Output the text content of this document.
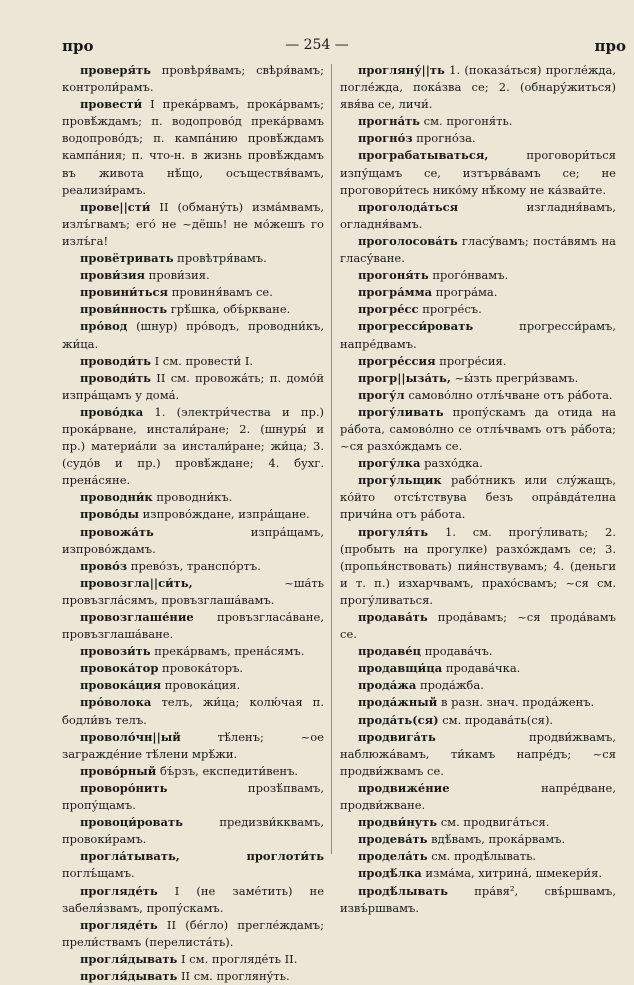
— 254 —
про	про

проверя́ть провѣря́вамъ; свѣря́вамъ; контроли́рамъ.

провести́ I прека́рвамъ, прока́рвамъ; провѣ́ждамъ; п. водопрово́д прека́рвамъ водопрово́дъ; п. кампа́нию провѣ́ждамъ кампа́ния; п. что-н. в жизнь провѣ́ждамъ въ живота нѣ́що, осъществя́вамъ, реализи́рамъ.

прове||сти́ II (обману́ть) изма́мвамъ, излъ́гвамъ; его́ не ~дёшь! не мо́жешъ го излъ́га!

провётривать провѣтря́вамъ.

прови́зия прови́зия.

провини́ться провиня́вамъ се.

прови́нность грѣ́шка, объ́ркване.

про́вод (шнур) про́водъ, проводни́къ, жи́ца.

проводи́ть I см. провести́ I.

проводи́ть II см. провожа́ть; п. домо́й изпра́щамъ у дома́.

прово́дка 1. (электри́чества и пр.) прока́рване, инстали́ране; 2. (шнуры́ и пр.) материа́ли за инстали́ране; жи́ца; 3. (судо́в и пр.) провѣ́ждане; 4. бухг. прена́сяне.

проводни́к проводни́къ.

прово́ды изпрово́ждане, изпра́щане.

провожа́ть	изпра́щамъ, изпрово́ждамъ.

прово́з прево́зъ, транспо́ртъ.

провозгла||си́ть,	~ша́ть провъзгла́сямъ, провъзглаша́вамъ.

провозглаше́ние провъзгласа́ване, провъзглаша́ване.

провози́ть прека́рвамъ, прена́сямъ.

провока́тор провока́торъ.

провока́ция провока́ция.

про́волока телъ, жи́ца; колю́чая п. бодли́въ телъ.

проволо́чн||ый	тѣ́ленъ; ~ое загражде́ние тѣ́лени мрѣ́жи.

прово́рный бъ́рзъ, експедити́венъ.

проворо́нить	прозѣ́пвамъ, пропу́щамъ.

провоци́ровать	предизви́кквамъ, провоки́рамъ.

прогла́тывать, проглоти́ть поглъ́щамъ.

прогляде́ть I (не заме́тить) не забеля́звамъ, пропу́скамъ.

прогляде́ть II (бе́гло) прегле́ждамъ; прели́ствамъ (перелиста́ть).

прогля́дывать I см. прогляде́ть II.

прогля́дывать II см. прогляну́ть.

прогляну́||ть 1. (показа́ться) прогле́жда, погле́жда, пока́зва се; 2. (обнару́житься) явя́ва се, личи́.

прогна́ть см. прогоня́ть.

прогно́з прогно́за.

програбатываться,	проговори́ться изпу́щамъ се, изтърва́вамъ се; не проговори́тесь нико́му нѣ́кому не ка́звайте.

проголода́ться	изгладня́вамъ, огладня́вамъ.

проголосова́ть гласу́вамъ; поста́вямъ на гласу́ване.

прогоня́ть прого́нвамъ.

програ́мма програ́ма.

прогре́сс прогре́съ.

прогресси́ровать	прогресси́рамъ, напре́двамъ.

прогре́ссия прогре́сия.

прогр||ыза́ть, ~ы́зть прегри́звамъ.

прогу́л самово́лно отлъ́чване отъ ра́бота.

прогу́ливать пропу́скамъ да отида на ра́бота, самово́лно се отлъ́чвамъ отъ ра́бота; ~ся разхо́ждамъ се.

прогу́лка разхо́дка.

прогу́льщик рабо́тникъ или слу́жащъ, ко́йто отсъ́тствува безъ опра́вда́телна причи́на отъ ра́бота.

прогуля́ть 1. см. прогу́ливать; 2. (пробыть на прогулке) разхо́ждамъ се; 3. (пропья́нствовать) пия́нствувамъ; 4. (деньги и т. п.) изхарчвамъ, прахо́свамъ; ~ся см. прогу́ливаться.

продава́ть прода́вамъ; ~ся прода́вамъ се.

продаве́ц продава́чъ.

продавщи́ца продава́чка.

прода́жа прода́жба.

прода́жный в разн. знач. прода́женъ.

прода́ть(ся) см. продава́ть(ся).

продвига́ть	продви́жвамъ, наблюжа́вамъ, ти́камъ напре́дъ; ~ся продви́жвамъ се.

продвиже́ние	напре́дване, продви́жване.

продви́нуть см. продвига́ться.

продева́ть вдѣ́вамъ, прока́рвамъ.

продела́ть см. продѣ́лывать.

продѣ́лка изма́ма, хитрина́, шмекери́я.

продѣ́лывать пра́вя², свъ́ршвамъ, извъ́ршвамъ.
